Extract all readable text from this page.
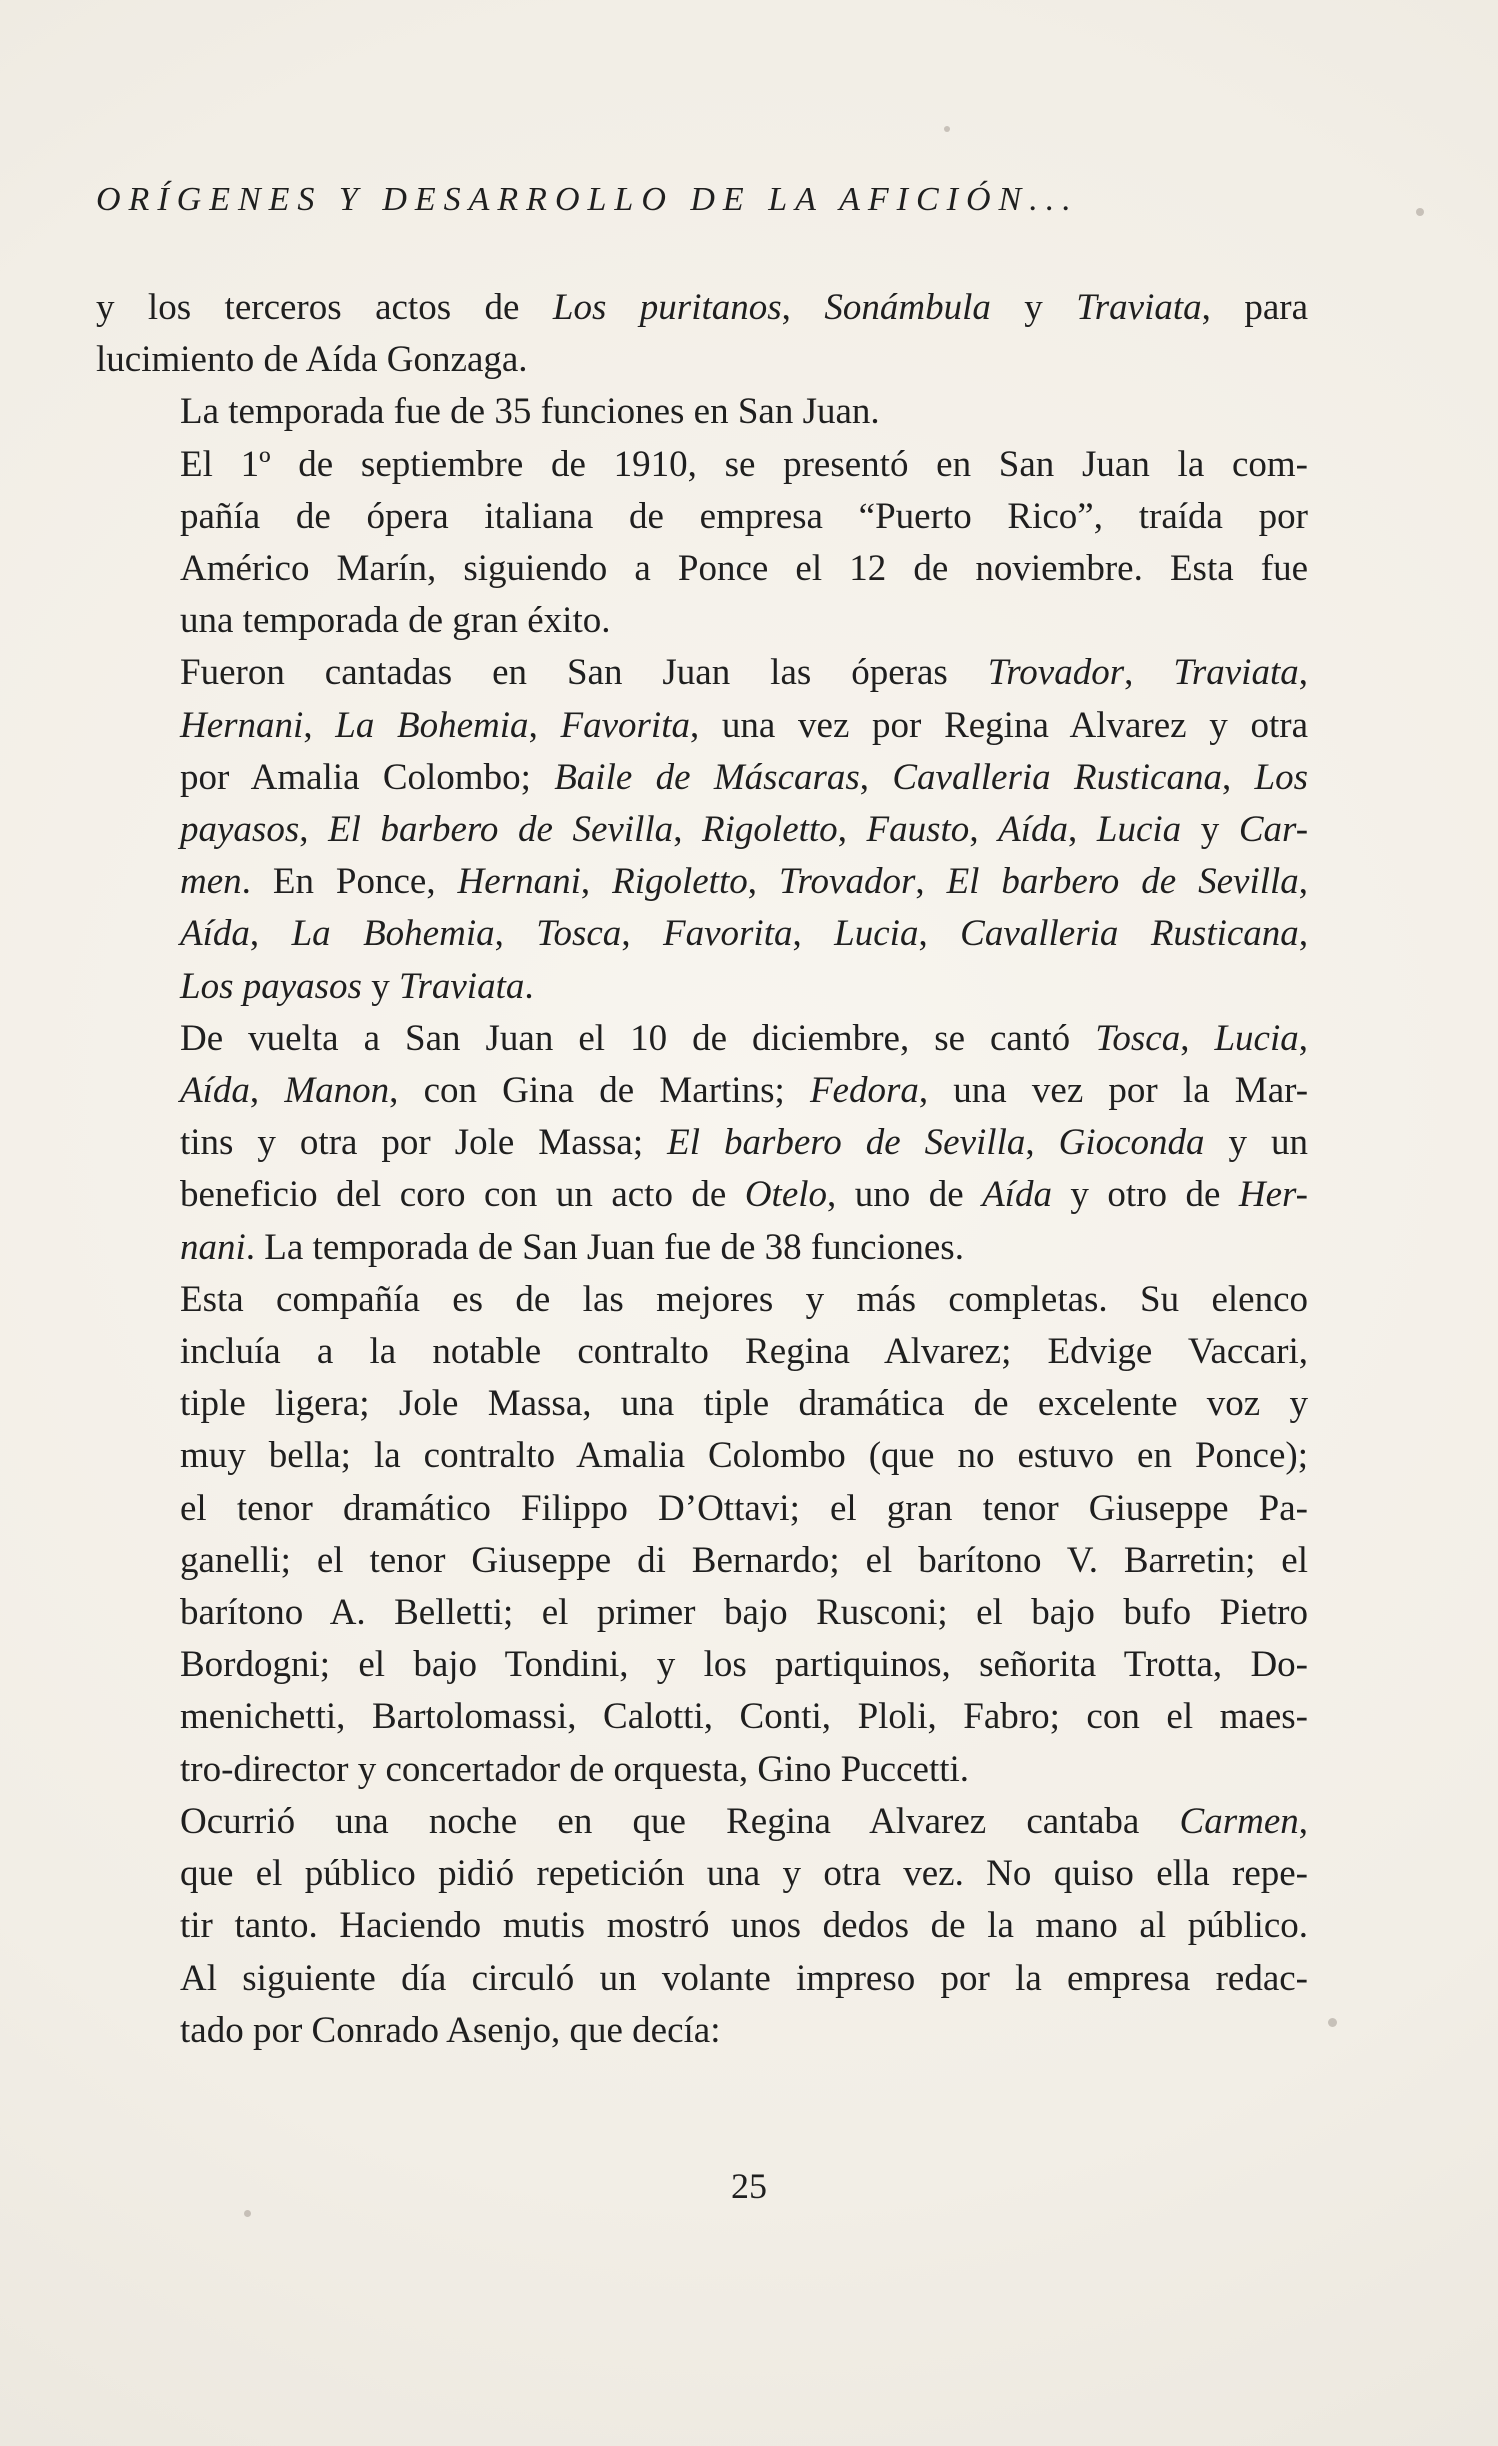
ORÍGENES Y DESARROLLO DE LA AFICIÓN...

y los terceros actos de Los puritanos, Sonámbula y Traviata, para
lucimiento de Aída Gonzaga.

La temporada fue de 35 funciones en San Juan.

El 1º de septiembre de 1910, se presentó en San Juan la com-
pañía de ópera italiana de empresa “Puerto Rico”, traída por
Américo Marín, siguiendo a Ponce el 12 de noviembre. Esta fue
una temporada de gran éxito.

Fueron cantadas en San Juan las óperas Trovador, Traviata,
Hernani, La Bohemia, Favorita, una vez por Regina Alvarez y otra
por Amalia Colombo; Baile de Máscaras, Cavalleria Rusticana, Los
payasos, El barbero de Sevilla, Rigoletto, Fausto, Aída, Lucia y Car-
men. En Ponce, Hernani, Rigoletto, Trovador, El barbero de Sevilla,
Aída, La Bohemia, Tosca, Favorita, Lucia, Cavalleria Rusticana,
Los payasos y Traviata.

De vuelta a San Juan el 10 de diciembre, se cantó Tosca, Lucia,
Aída, Manon, con Gina de Martins; Fedora, una vez por la Mar-
tins y otra por Jole Massa; El barbero de Sevilla, Gioconda y un
beneficio del coro con un acto de Otelo, uno de Aída y otro de Her-
nani. La temporada de San Juan fue de 38 funciones.

Esta compañía es de las mejores y más completas. Su elenco
incluía a la notable contralto Regina Alvarez; Edvige Vaccari,
tiple ligera; Jole Massa, una tiple dramática de excelente voz y
muy bella; la contralto Amalia Colombo (que no estuvo en Ponce);
el tenor dramático Filippo D’Ottavi; el gran tenor Giuseppe Pa-
ganelli; el tenor Giuseppe di Bernardo; el barítono V. Barretin; el
barítono A. Belletti; el primer bajo Rusconi; el bajo bufo Pietro
Bordogni; el bajo Tondini, y los partiquinos, señorita Trotta, Do-
menichetti, Bartolomassi, Calotti, Conti, Ploli, Fabro; con el maes-
tro-director y concertador de orquesta, Gino Puccetti.

Ocurrió una noche en que Regina Alvarez cantaba Carmen,
que el público pidió repetición una y otra vez. No quiso ella repe-
tir tanto. Haciendo mutis mostró unos dedos de la mano al público.
Al siguiente día circuló un volante impreso por la empresa redac-
tado por Conrado Asenjo, que decía:

25
